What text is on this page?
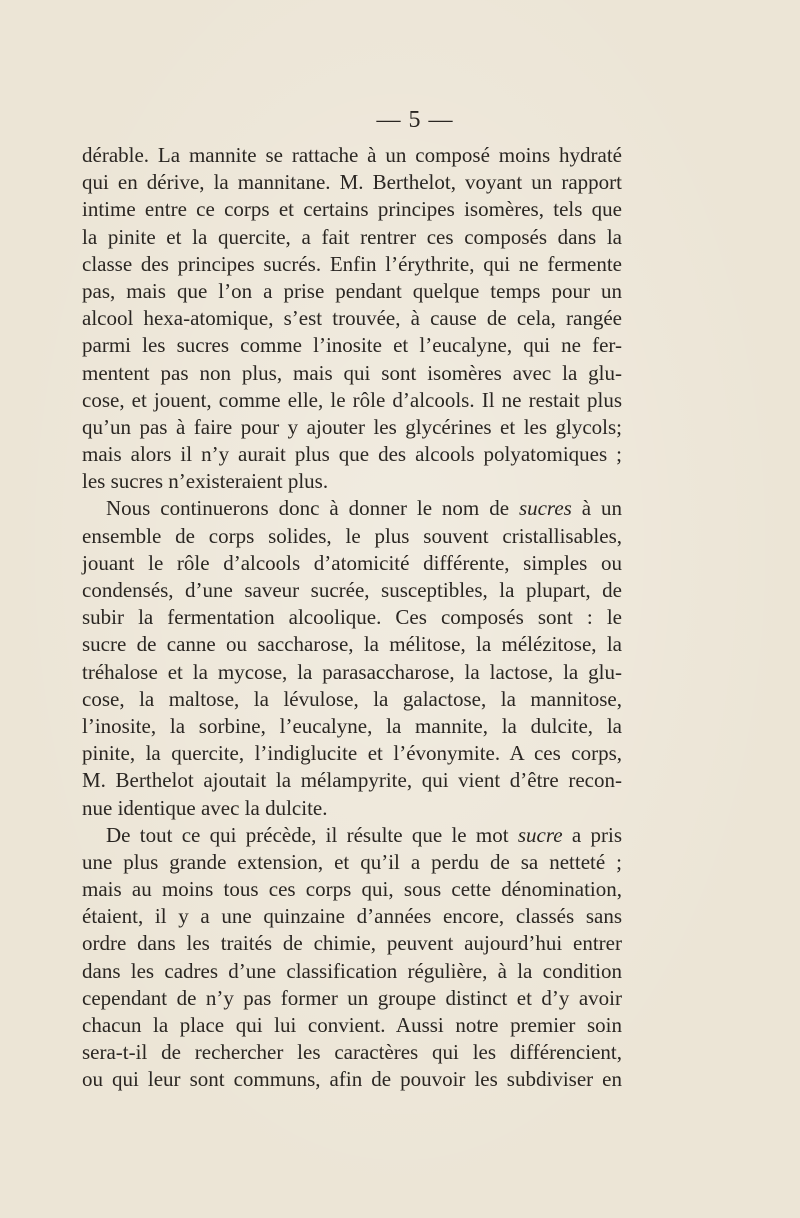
— 5 —
dérable. La mannite se rattache à un composé moins hydraté
qui en dérive, la mannitane. M. Berthelot, voyant un rapport
intime entre ce corps et certains principes isomères, tels que
la pinite et la quercite, a fait rentrer ces composés dans la
classe des principes sucrés. Enfin l’érythrite, qui ne fermente
pas, mais que l’on a prise pendant quelque temps pour un
alcool hexa-atomique, s’est trouvée, à cause de cela, rangée
parmi les sucres comme l’inosite et l’eucalyne, qui ne fer-
mentent pas non plus, mais qui sont isomères avec la glu-
cose, et jouent, comme elle, le rôle d’alcools. Il ne restait plus
qu’un pas à faire pour y ajouter les glycérines et les glycols;
mais alors il n’y aurait plus que des alcools polyatomiques ;
les sucres n’existeraient plus.
Nous continuerons donc à donner le nom de sucres à un
ensemble de corps solides, le plus souvent cristallisables,
jouant le rôle d’alcools d’atomicité différente, simples ou
condensés, d’une saveur sucrée, susceptibles, la plupart, de
subir la fermentation alcoolique. Ces composés sont : le
sucre de canne ou saccharose, la mélitose, la mélézitose, la
tréhalose et la mycose, la parasaccharose, la lactose, la glu-
cose, la maltose, la lévulose, la galactose, la mannitose,
l’inosite, la sorbine, l’eucalyne, la mannite, la dulcite, la
pinite, la quercite, l’indiglucite et l’évonymite. A ces corps,
M. Berthelot ajoutait la mélampyrite, qui vient d’être recon-
nue identique avec la dulcite.
De tout ce qui précède, il résulte que le mot sucre a pris
une plus grande extension, et qu’il a perdu de sa netteté ;
mais au moins tous ces corps qui, sous cette dénomination,
étaient, il y a une quinzaine d’années encore, classés sans
ordre dans les traités de chimie, peuvent aujourd’hui entrer
dans les cadres d’une classification régulière, à la condition
cependant de n’y pas former un groupe distinct et d’y avoir
chacun la place qui lui convient. Aussi notre premier soin
sera-t-il de rechercher les caractères qui les différencient,
ou qui leur sont communs, afin de pouvoir les subdiviser en
